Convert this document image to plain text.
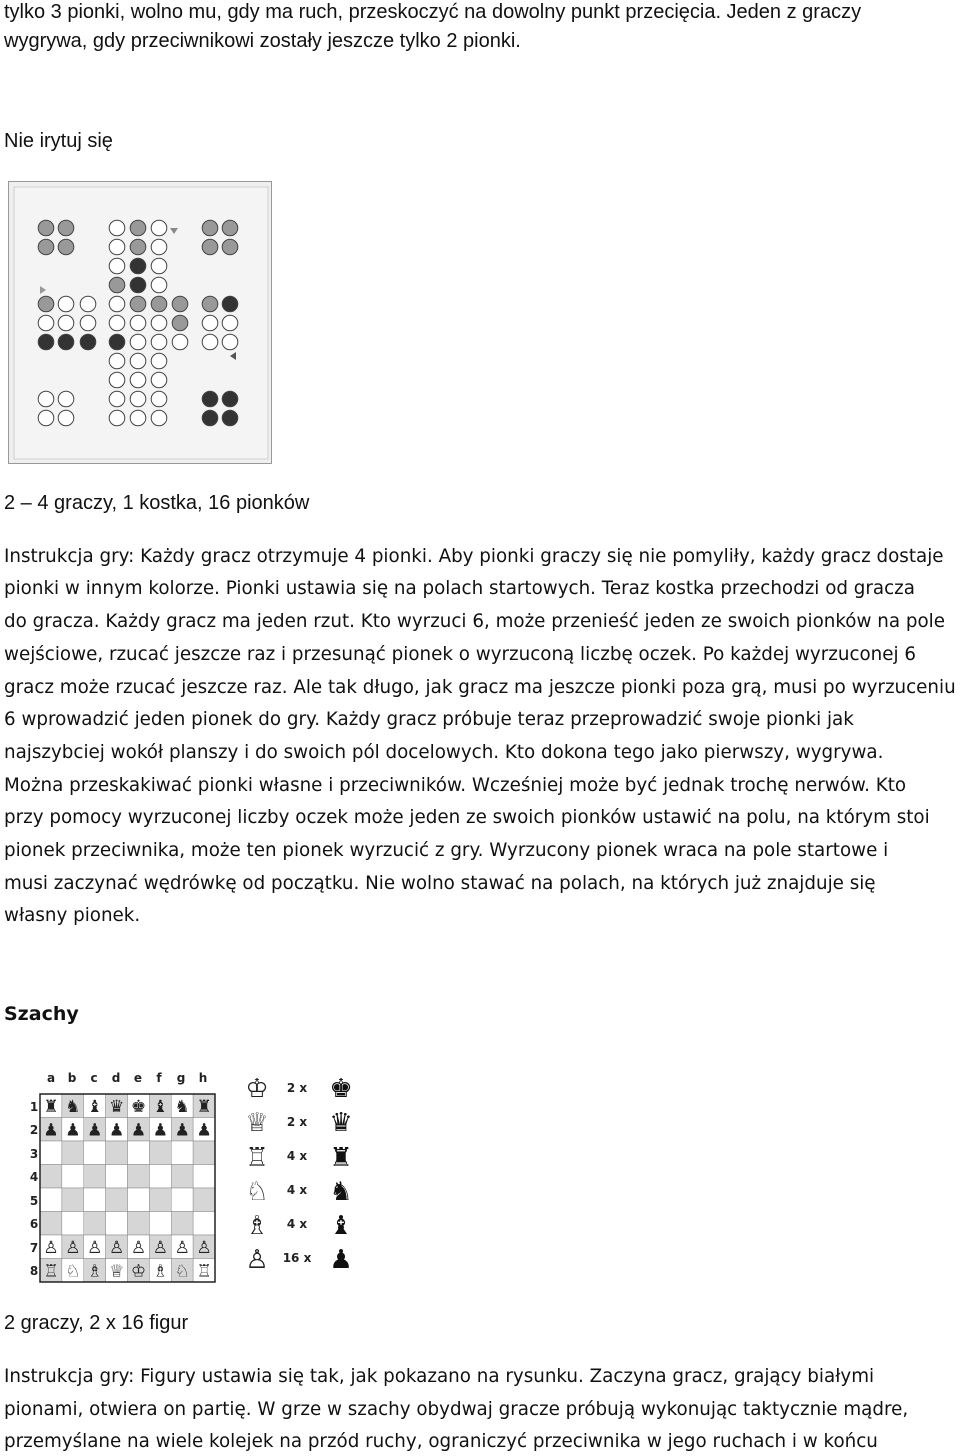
tylko 3 pionki, wolno mu, gdy ma ruch, przeskoczyć na dowolny punkt przecięcia. Jeden z graczy
wygrywa, gdy przeciwnikowi zostały jeszcze tylko 2 pionki.
Nie irytuj się
2 – 4 graczy, 1 kostka, 16 pionków
Instrukcja gry: Każdy gracz otrzymuje 4 pionki. Aby pionki graczy się nie pomyliły, każdy gracz dostaje
pionki w innym kolorze. Pionki ustawia się na polach startowych. Teraz kostka przechodzi od gracza
do gracza. Każdy gracz ma jeden rzut. Kto wyrzuci 6, może przenieść jeden ze swoich pionków na pole
wejściowe, rzucać jeszcze raz i przesunąć pionek o wyrzuconą liczbę oczek. Po każdej wyrzuconej 6
gracz może rzucać jeszcze raz. Ale tak długo, jak gracz ma jeszcze pionki poza grą, musi po wyrzuceniu
6 wprowadzić jeden pionek do gry. Każdy gracz próbuje teraz przeprowadzić swoje pionki jak
najszybciej wokół planszy i do swoich pól docelowych. Kto dokona tego jako pierwszy, wygrywa.
Można przeskakiwać pionki własne i przeciwników. Wcześniej może być jednak trochę nerwów. Kto
przy pomocy wyrzuconej liczby oczek może jeden ze swoich pionków ustawić na polu, na którym stoi
pionek przeciwnika, może ten pionek wyrzucić z gry. Wyrzucony pionek wraca na pole startowe i
musi zaczynać wędrówkę od początku. Nie wolno stawać na polach, na których już znajduje się
własny pionek.
Szachy
a b c d e f g h
1
2
3
4
5
6
7
8
♜ ♞ ♝ ♛ ♚ ♝ ♞ ♜
♟ ♟ ♟ ♟ ♟ ♟ ♟ ♟
♙ ♙ ♙ ♙ ♙ ♙ ♙ ♙
♖ ♘ ♗ ♕ ♔ ♗ ♘ ♖
♔
♕
♖
♘
♗
♙
2 x
2 x
4 x
4 x
4 x
16 x
♚
♛
♜
♞
♝
♟
2 graczy, 2 x 16 figur
Instrukcja gry: Figury ustawia się tak, jak pokazano na rysunku. Zaczyna gracz, grający białymi
pionami, otwiera on partię. W grze w szachy obydwaj gracze próbują wykonując taktycznie mądre,
przemyślane na wiele kolejek na przód ruchy, ograniczyć przeciwnika w jego ruchach i w końcu
